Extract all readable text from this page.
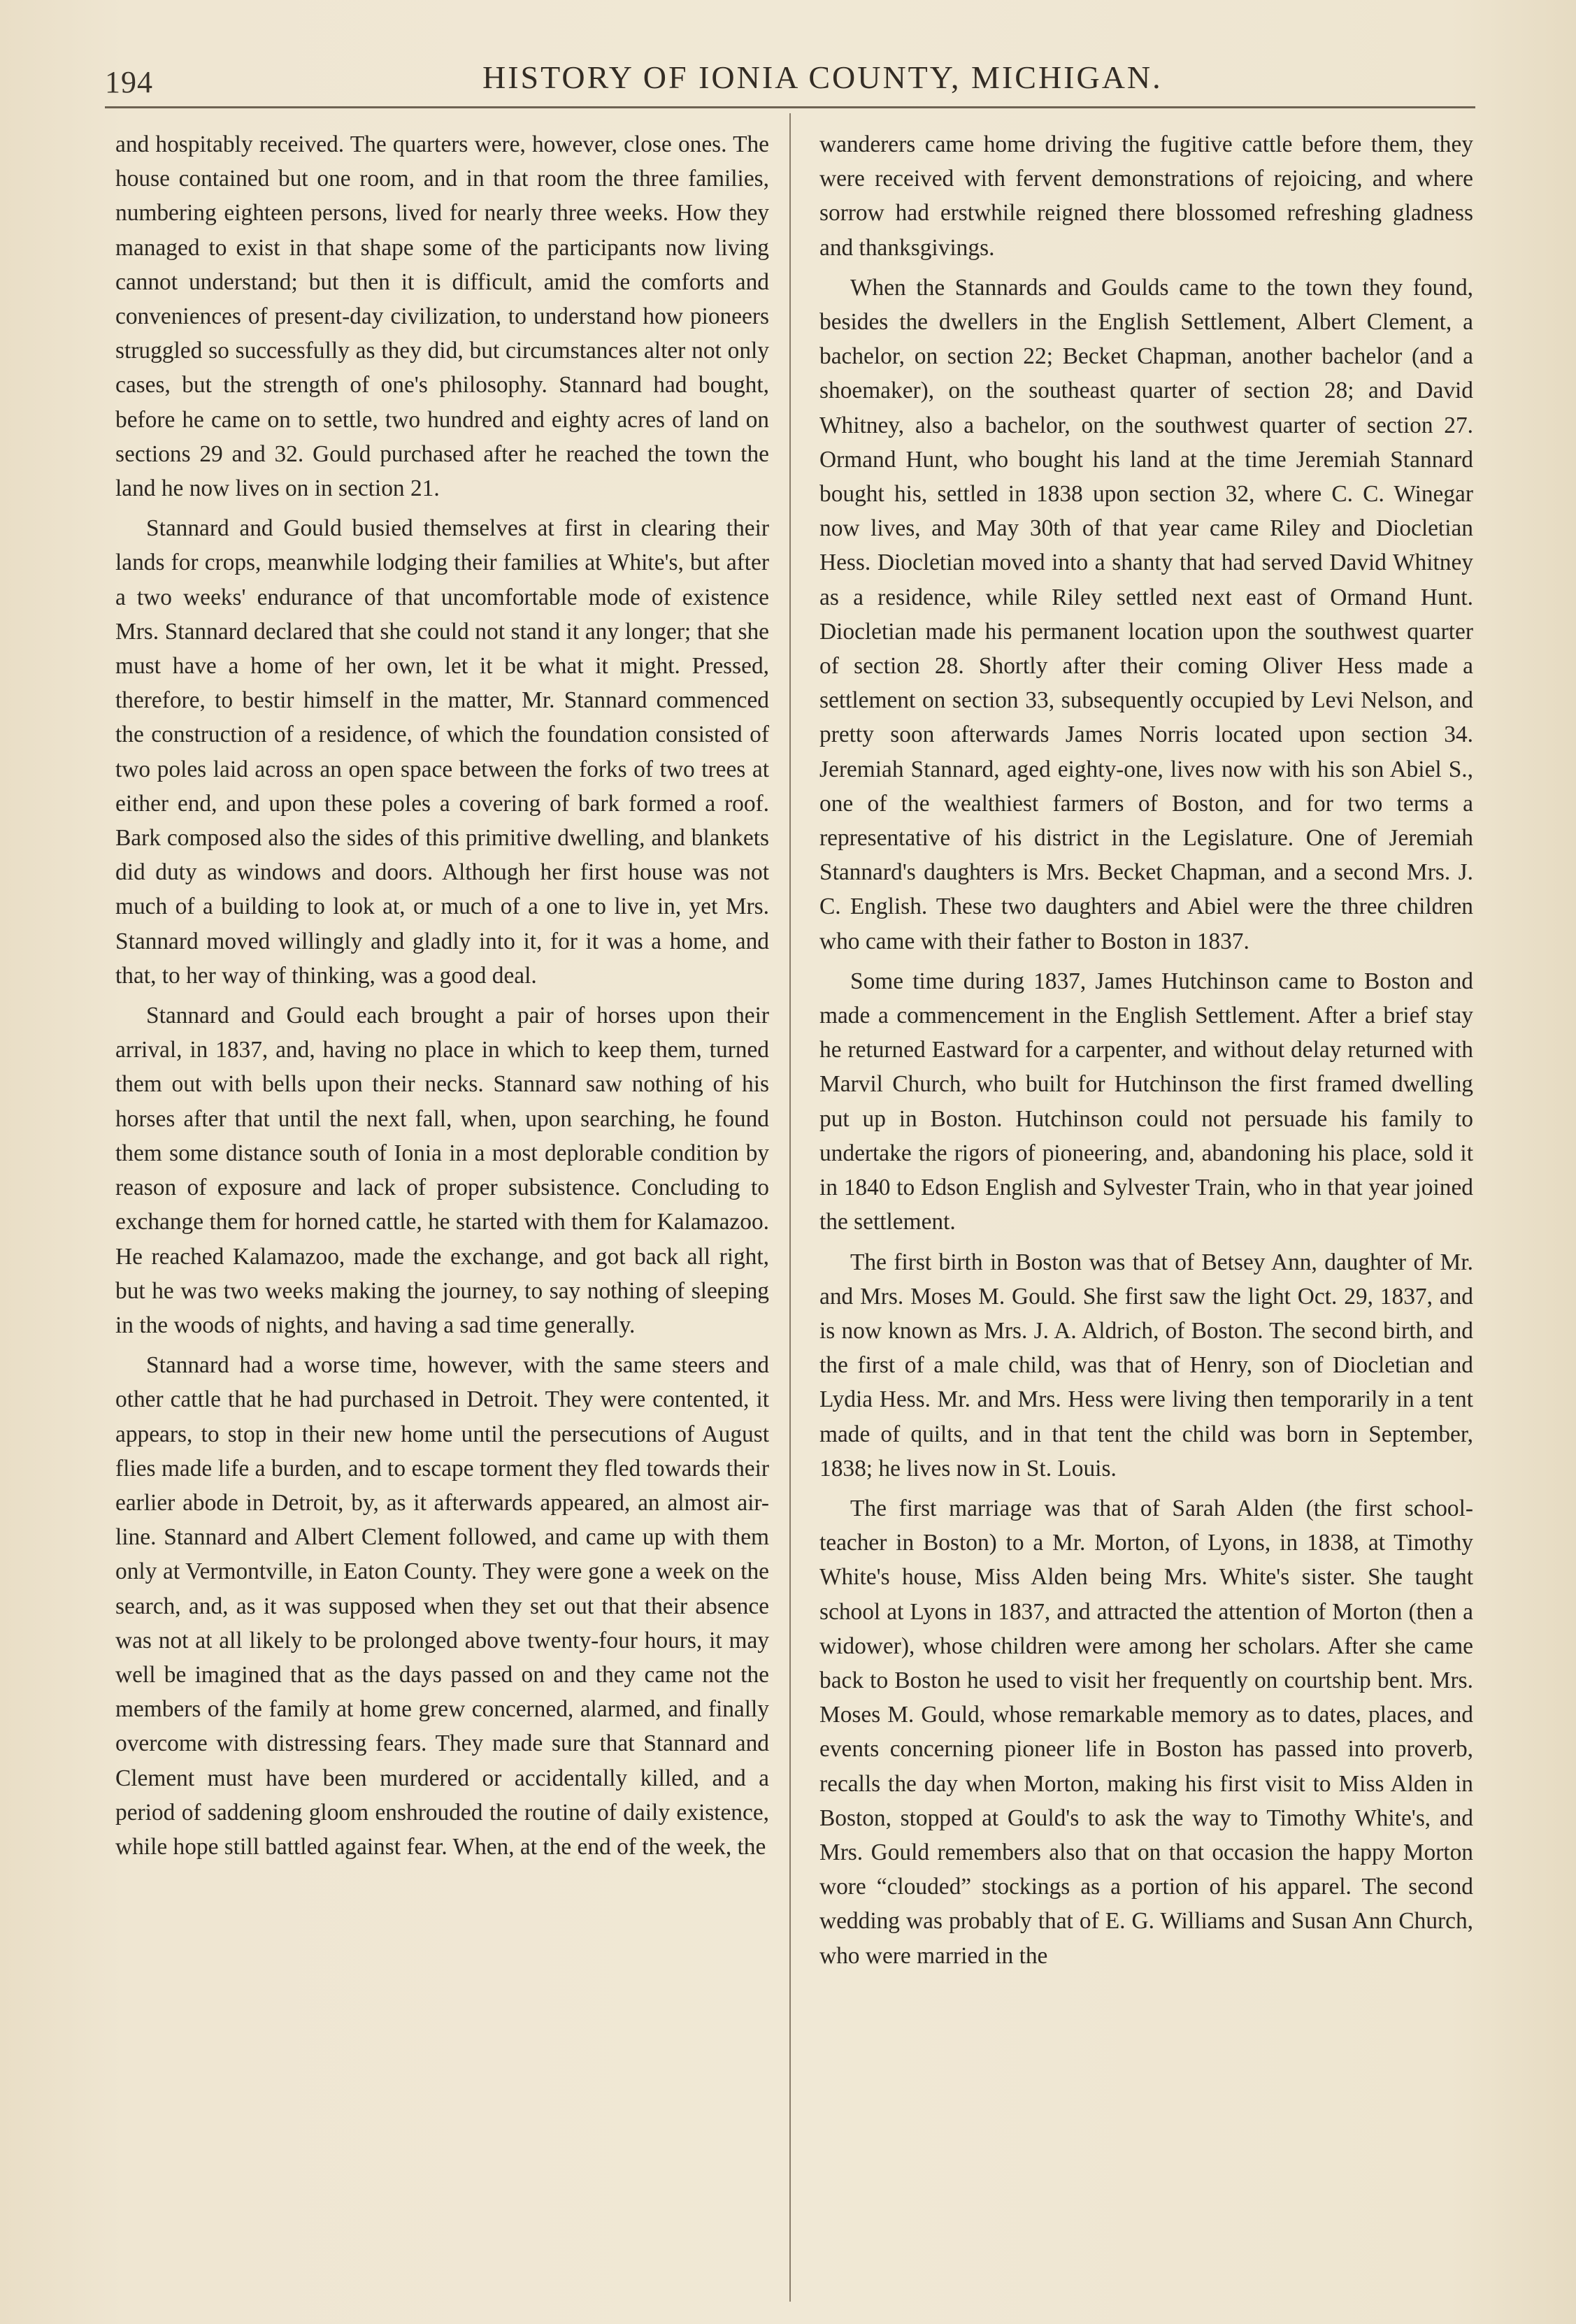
194	HISTORY OF IONIA COUNTY, MICHIGAN.

and hospitably received. The quarters were, however, close ones. The house contained but one room, and in that room the three families, numbering eighteen persons, lived for nearly three weeks. How they managed to exist in that shape some of the participants now living cannot understand; but then it is difficult, amid the comforts and conveniences of present-day civilization, to understand how pioneers struggled so successfully as they did, but circumstances alter not only cases, but the strength of one's philosophy. Stannard had bought, before he came on to settle, two hundred and eighty acres of land on sections 29 and 32. Gould purchased after he reached the town the land he now lives on in section 21.

Stannard and Gould busied themselves at first in clearing their lands for crops, meanwhile lodging their families at White's, but after a two weeks' endurance of that uncomfortable mode of existence Mrs. Stannard declared that she could not stand it any longer; that she must have a home of her own, let it be what it might. Pressed, therefore, to bestir himself in the matter, Mr. Stannard commenced the construction of a residence, of which the foundation consisted of two poles laid across an open space between the forks of two trees at either end, and upon these poles a covering of bark formed a roof. Bark composed also the sides of this primitive dwelling, and blankets did duty as windows and doors. Although her first house was not much of a building to look at, or much of a one to live in, yet Mrs. Stannard moved willingly and gladly into it, for it was a home, and that, to her way of thinking, was a good deal.

Stannard and Gould each brought a pair of horses upon their arrival, in 1837, and, having no place in which to keep them, turned them out with bells upon their necks. Stannard saw nothing of his horses after that until the next fall, when, upon searching, he found them some distance south of Ionia in a most deplorable condition by reason of exposure and lack of proper subsistence. Concluding to exchange them for horned cattle, he started with them for Kalamazoo. He reached Kalamazoo, made the exchange, and got back all right, but he was two weeks making the journey, to say nothing of sleeping in the woods of nights, and having a sad time generally.

Stannard had a worse time, however, with the same steers and other cattle that he had purchased in Detroit. They were contented, it appears, to stop in their new home until the persecutions of August flies made life a burden, and to escape torment they fled towards their earlier abode in Detroit, by, as it afterwards appeared, an almost air-line. Stannard and Albert Clement followed, and came up with them only at Vermontville, in Eaton County. They were gone a week on the search, and, as it was supposed when they set out that their absence was not at all likely to be prolonged above twenty-four hours, it may well be imagined that as the days passed on and they came not the members of the family at home grew concerned, alarmed, and finally overcome with distressing fears. They made sure that Stannard and Clement must have been murdered or accidentally killed, and a period of saddening gloom enshrouded the routine of daily existence, while hope still battled against fear. When, at the end of the week, the

wanderers came home driving the fugitive cattle before them, they were received with fervent demonstrations of rejoicing, and where sorrow had erstwhile reigned there blossomed refreshing gladness and thanksgivings.

When the Stannards and Goulds came to the town they found, besides the dwellers in the English Settlement, Albert Clement, a bachelor, on section 22; Becket Chapman, another bachelor (and a shoemaker), on the southeast quarter of section 28; and David Whitney, also a bachelor, on the southwest quarter of section 27. Ormand Hunt, who bought his land at the time Jeremiah Stannard bought his, settled in 1838 upon section 32, where C. C. Winegar now lives, and May 30th of that year came Riley and Diocletian Hess. Diocletian moved into a shanty that had served David Whitney as a residence, while Riley settled next east of Ormand Hunt. Diocletian made his permanent location upon the southwest quarter of section 28. Shortly after their coming Oliver Hess made a settlement on section 33, subsequently occupied by Levi Nelson, and pretty soon afterwards James Norris located upon section 34. Jeremiah Stannard, aged eighty-one, lives now with his son Abiel S., one of the wealthiest farmers of Boston, and for two terms a representative of his district in the Legislature. One of Jeremiah Stannard's daughters is Mrs. Becket Chapman, and a second Mrs. J. C. English. These two daughters and Abiel were the three children who came with their father to Boston in 1837.

Some time during 1837, James Hutchinson came to Boston and made a commencement in the English Settlement. After a brief stay he returned Eastward for a carpenter, and without delay returned with Marvil Church, who built for Hutchinson the first framed dwelling put up in Boston. Hutchinson could not persuade his family to undertake the rigors of pioneering, and, abandoning his place, sold it in 1840 to Edson English and Sylvester Train, who in that year joined the settlement.

The first birth in Boston was that of Betsey Ann, daughter of Mr. and Mrs. Moses M. Gould. She first saw the light Oct. 29, 1837, and is now known as Mrs. J. A. Aldrich, of Boston. The second birth, and the first of a male child, was that of Henry, son of Diocletian and Lydia Hess. Mr. and Mrs. Hess were living then temporarily in a tent made of quilts, and in that tent the child was born in September, 1838; he lives now in St. Louis.

The first marriage was that of Sarah Alden (the first school-teacher in Boston) to a Mr. Morton, of Lyons, in 1838, at Timothy White's house, Miss Alden being Mrs. White's sister. She taught school at Lyons in 1837, and attracted the attention of Morton (then a widower), whose children were among her scholars. After she came back to Boston he used to visit her frequently on courtship bent. Mrs. Moses M. Gould, whose remarkable memory as to dates, places, and events concerning pioneer life in Boston has passed into proverb, recalls the day when Morton, making his first visit to Miss Alden in Boston, stopped at Gould's to ask the way to Timothy White's, and Mrs. Gould remembers also that on that occasion the happy Morton wore “clouded” stockings as a portion of his apparel. The second wedding was probably that of E. G. Williams and Susan Ann Church, who were married in the
